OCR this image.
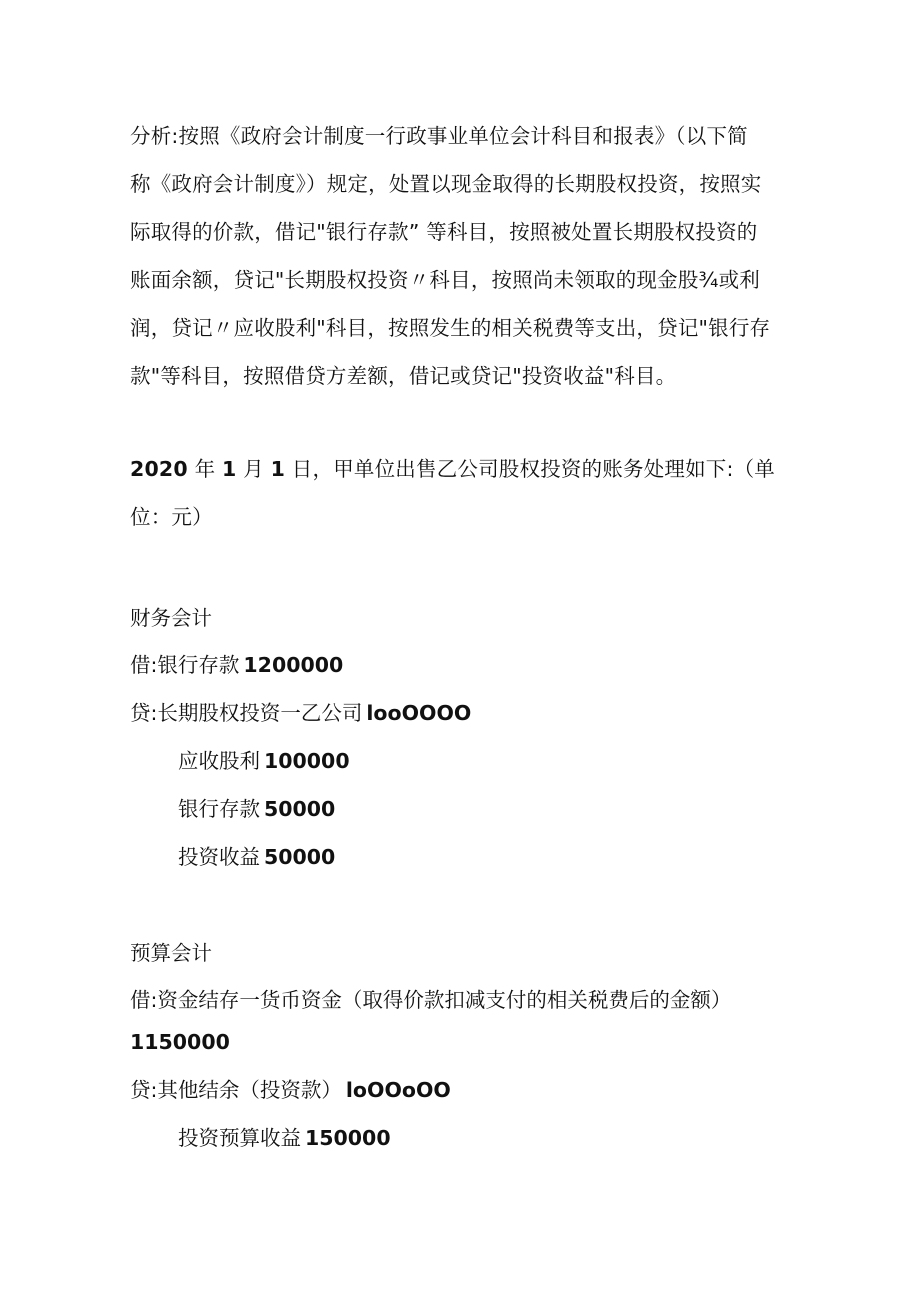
分析:按照《政府会计制度一行政事业单位会计科目和报表》（以下简
称《政府会计制度》）规定，处置以现金取得的长期股权投资，按照实
际取得的价款，借记"银行存款” 等科目，按照被处置长期股权投资的
账面余额，贷记"长期股权投资〃科目，按照尚未领取的现金股¾或利
润，贷记〃应收股利"科目，按照发生的相关税费等支出，贷记"银行存
款"等科目，按照借贷方差额，借记或贷记"投资收益"科目。
2020 年 1 月 1 日，甲单位出售乙公司股权投资的账务处理如下:（单
位：元）
财务会计
借:银行存款 1200000
贷:长期股权投资一乙公司 looOOOO
应收股利 100000
银行存款 50000
投资收益 50000
预算会计
借:资金结存一货币资金（取得价款扣减支付的相关税费后的金额）
1150000
贷:其他结余（投资款） loOOoOO
投资预算收益 150000
